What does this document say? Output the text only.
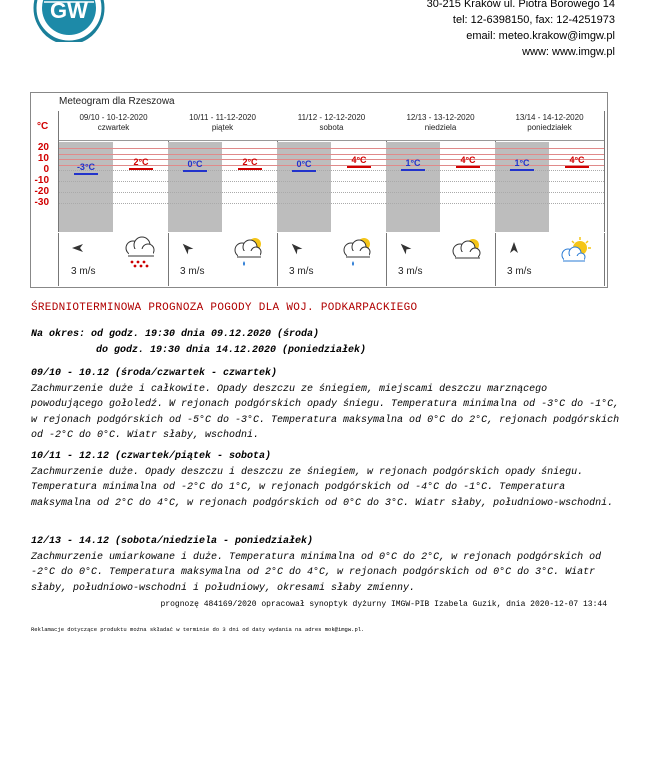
GW	30-215 Kraków ul. Piotra Borowego 14
tel: 12-6398150, fax: 12-4251973
email: meteo.krakow@imgw.pl
www: www.imgw.pl
Meteogram dla Rzeszowa
°C
20
10
0
-10
-20
-30
09/10 - 10-12-2020
czwartek
-3°C
2°C
10/11 - 11-12-2020
piątek
0°C	2°C
11/12 - 12-12-2020
sobota
0°C	4°C
12/13 - 13-12-2020
niedziela
1°C	4°C
13/14 - 14-12-2020
poniedziałek
1°C	4°C
3 m/s	3 m/s	3 m/s	3 m/s	3 m/s
ŚREDNIOTERMINOWA PROGNOZA POGODY DLA WOJ. PODKARPACKIEGO
Na okres: od godz. 19:30 dnia 09.12.2020 (środa)
do godz. 19:30 dnia 14.12.2020 (poniedziałek)
09/10 - 10.12 (środa/czwartek - czwartek)
Zachmurzenie duże i całkowite. Opady deszczu ze śniegiem, miejscami deszczu marznącego powodującego gołoledź. W rejonach podgórskich opady śniegu. Temperatura minimalna od -3°C do -1°C, w rejonach podgórskich od -5°C do -3°C. Temperatura maksymalna od 0°C do 2°C, rejonach podgórskich od -2°C do 0°C. Wiatr słaby, wschodni.
10/11 - 12.12 (czwartek/piątek - sobota)
Zachmurzenie duże. Opady deszczu i deszczu ze śniegiem, w rejonach podgórskich opady śniegu. Temperatura minimalna od -2°C do 1°C, w rejonach podgórskich od -4°C do -1°C. Temperatura maksymalna od 2°C do 4°C, w rejonach podgórskich od 0°C do 3°C. Wiatr słaby, południowo-wschodni.
12/13 - 14.12 (sobota/niedziela - poniedziałek)
Zachmurzenie umiarkowane i duże. Temperatura minimalna od 0°C do 2°C, w rejonach podgórskich od -2°C do 0°C. Temperatura maksymalna od 2°C do 4°C, w rejonach podgórskich od 0°C do 3°C. Wiatr słaby, południowo-wschodni i południowy, okresami słaby zmienny.
prognozę 484169/2020 opracował synoptyk dyżurny IMGW-PIB Izabela Guzik, dnia 2020-12-07 13:44
Reklamacje dotyczące produktu można składać w terminie do 3 dni od daty wydania na adres mok@imgw.pl.
